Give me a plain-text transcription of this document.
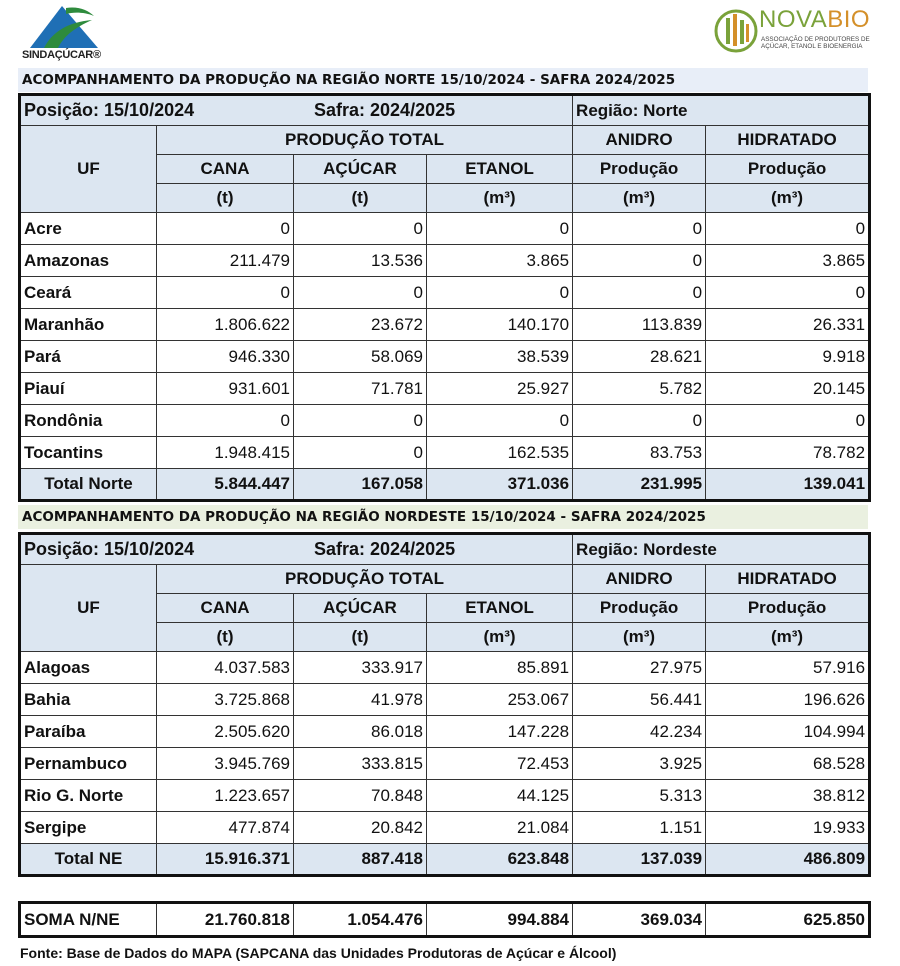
SINDAÇÚCAR®
NOVABIO
ASSOCIAÇÃO DE PRODUTORES DE
AÇÚCAR, ETANOL E BIOENERGIA
ACOMPANHAMENTO DA PRODUÇÃO NA REGIÃO NORTE 15/10/2024 - SAFRA 2024/2025
Posição: 15/10/2024 Safra: 2024/2025				Região: Norte	
UF	PRODUÇÃO TOTAL			ANIDRO	HIDRATADO
	CANA	AÇÚCAR	ETANOL	Produção	Produção
	(t)	(t)	(m³)	(m³)	(m³)
Acre	0	0	0	0	0
Amazonas	211.479	13.536	3.865	0	3.865
Ceará	0	0	0	0	0
Maranhão	1.806.622	23.672	140.170	113.839	26.331
Pará	946.330	58.069	38.539	28.621	9.918
Piauí	931.601	71.781	25.927	5.782	20.145
Rondônia	0	0	0	0	0
Tocantins	1.948.415	0	162.535	83.753	78.782
Total Norte	5.844.447	167.058	371.036	231.995	139.041
ACOMPANHAMENTO DA PRODUÇÃO NA REGIÃO NORDESTE 15/10/2024 - SAFRA 2024/2025
Posição: 15/10/2024 Safra: 2024/2025				Região: Nordeste	
UF	PRODUÇÃO TOTAL			ANIDRO	HIDRATADO
	CANA	AÇÚCAR	ETANOL	Produção	Produção
	(t)	(t)	(m³)	(m³)	(m³)
Alagoas	4.037.583	333.917	85.891	27.975	57.916
Bahia	3.725.868	41.978	253.067	56.441	196.626
Paraíba	2.505.620	86.018	147.228	42.234	104.994
Pernambuco	3.945.769	333.815	72.453	3.925	68.528
Rio G. Norte	1.223.657	70.848	44.125	5.313	38.812
Sergipe	477.874	20.842	21.084	1.151	19.933
Total NE	15.916.371	887.418	623.848	137.039	486.809
SOMA N/NE	21.760.818	1.054.476	994.884	369.034	625.850
Fonte: Base de Dados do MAPA (SAPCANA das Unidades Produtoras de Açúcar e Álcool)
